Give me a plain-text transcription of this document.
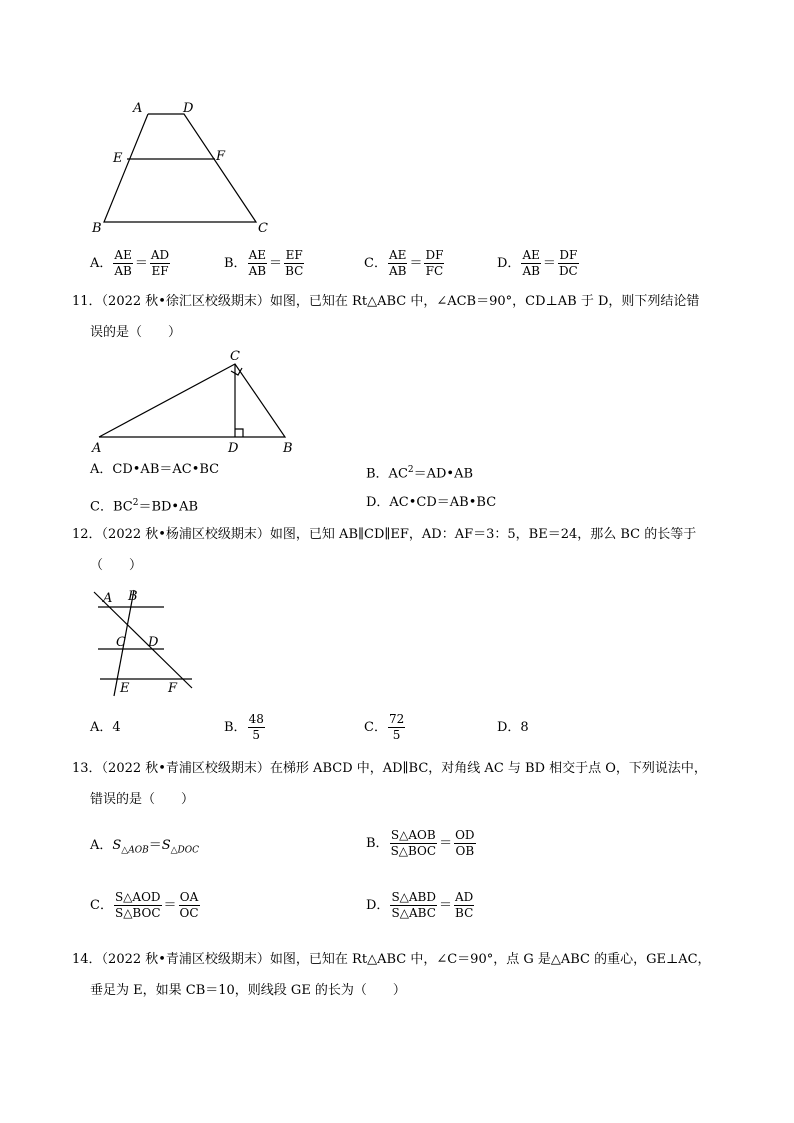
A	D
E	F
B	C
A． $\frac{AE}{AB} = \frac{AD}{EF}$	B． $\frac{AE}{AB} = \frac{EF}{BC}$	C． $\frac{AE}{AB} = \frac{DF}{FC}$	D． $\frac{AE}{AB} = \frac{DF}{DC}$
11．（2022 秋•徐汇区校级期末）如图，已知在 Rt△ABC 中，∠ACB＝90°，CD⊥AB 于 D，则下列结论错
误的是（　　）
C
A	D	B
A．CD•AB＝AC•BC	B．$AC^2=AD•AB$
C．$BC^2=BD•AB$	D．AC•CD＝AB•BC
12．（2022 秋•杨浦区校级期末）如图，已知 AB∥CD∥EF，AD：AF＝3：5，BE＝24，那么 BC 的长等于
（　　）
A B
C D
E	F
A．4	B． $\frac{48}{5}$	C． $\frac{72}{5}$	D．8
13．（2022 秋•青浦区校级期末）在梯形 ABCD 中，AD∥BC，对角线 AC 与 BD 相交于点 O，下列说法中，
错误的是（　　）
A．$S_{\triangle AOB}=S_{\triangle DOC}$	B． $\frac{\text{S△AOB}}{\text{S△BOC}} = \frac{OD}{OB}$
C． $\frac{\text{S△AOD}}{\text{S△BOC}} = \frac{OA}{OC}$	D． $\frac{\text{S△ABD}}{\text{S△ABC}} = \frac{AD}{BC}$
14．（2022 秋•青浦区校级期末）如图，已知在 Rt△ABC 中，∠C＝90°，点 G 是△ABC 的重心，GE⊥AC，
垂足为 E，如果 CB＝10，则线段 GE 的长为（　　）
